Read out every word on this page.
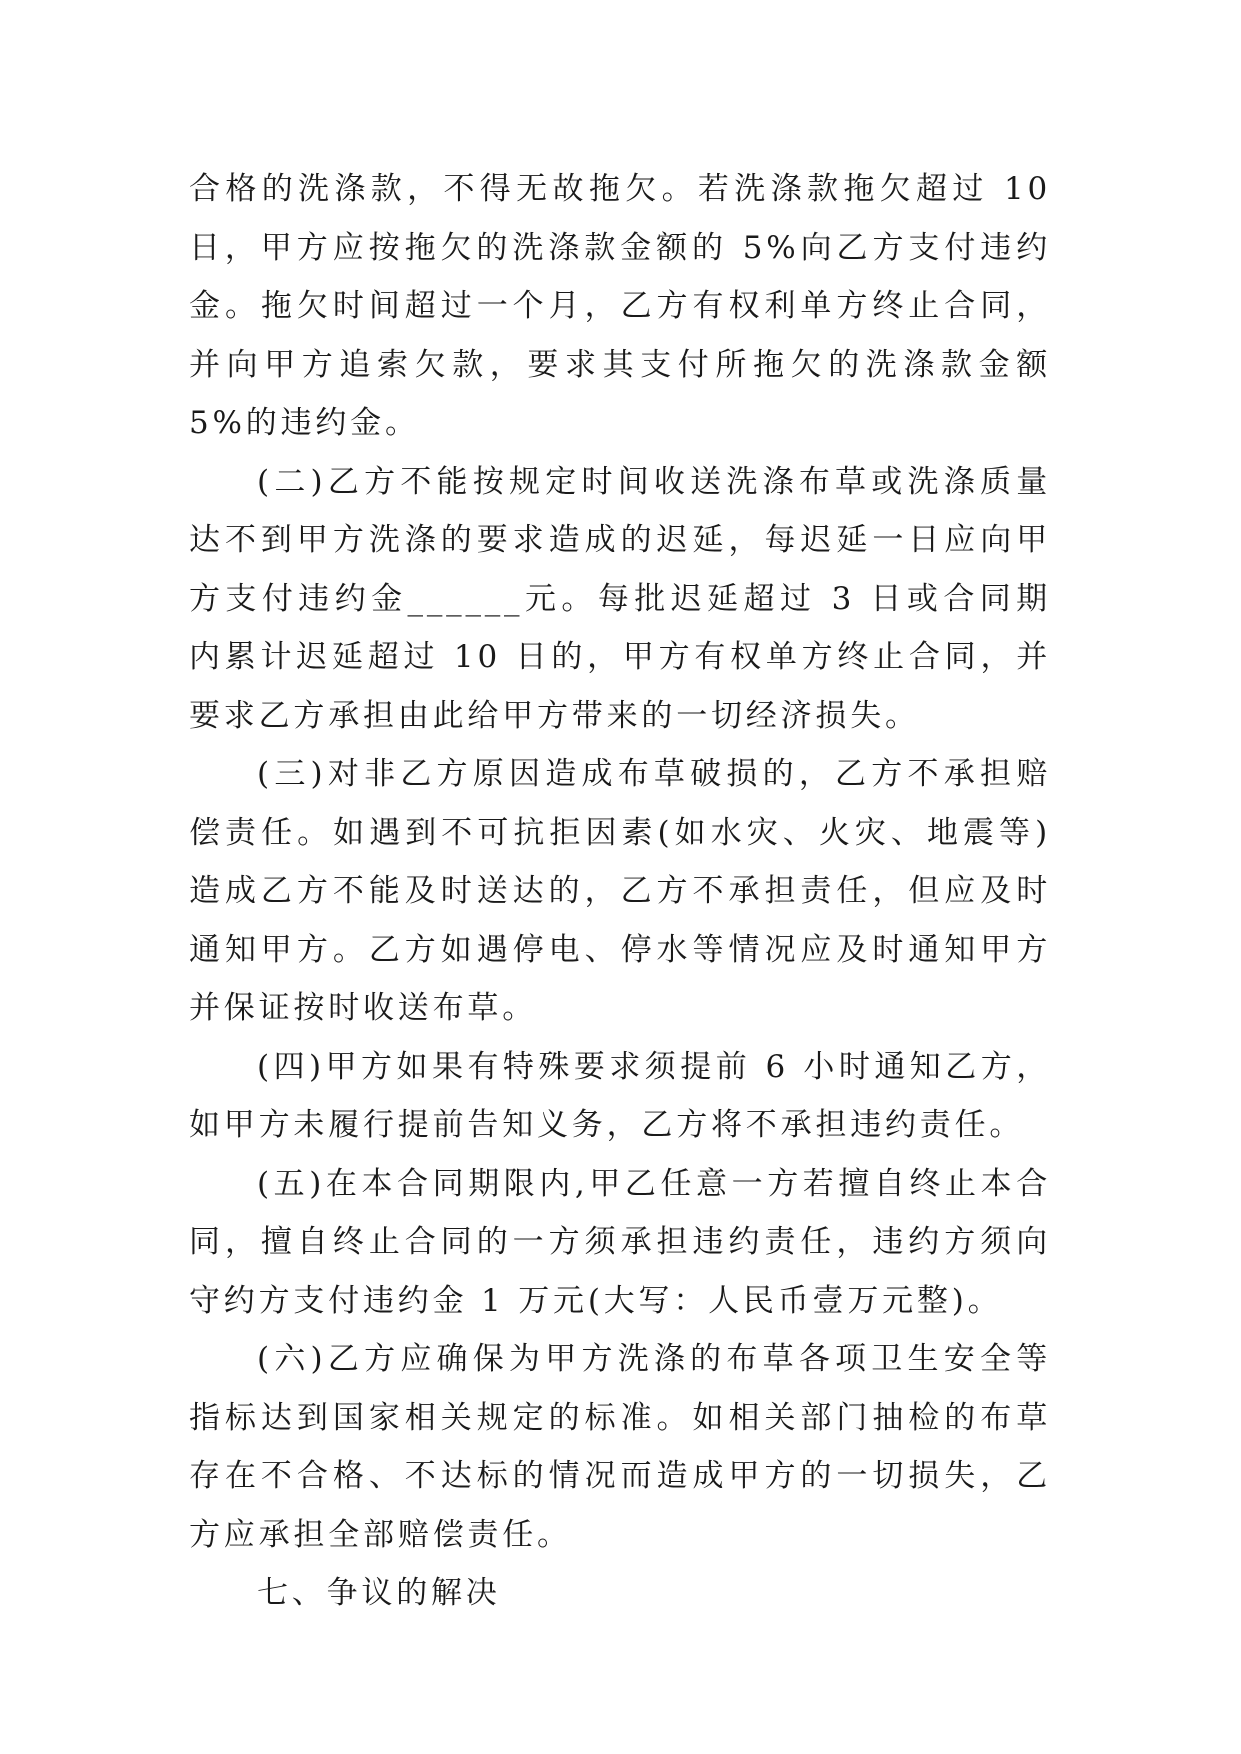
合格的洗涤款，不得无故拖欠。若洗涤款拖欠超过 10 日，甲方应按拖欠的洗涤款金额的 5%向乙方支付违约金。拖欠时间超过一个月，乙方有权利单方终止合同，并向甲方追索欠款，要求其支付所拖欠的洗涤款金额 5%的违约金。

(二)乙方不能按规定时间收送洗涤布草或洗涤质量达不到甲方洗涤的要求造成的迟延，每迟延一日应向甲方支付违约金______元。每批迟延超过 3 日或合同期内累计迟延超过 10 日的，甲方有权单方终止合同，并要求乙方承担由此给甲方带来的一切经济损失。

(三)对非乙方原因造成布草破损的，乙方不承担赔偿责任。如遇到不可抗拒因素(如水灾、火灾、地震等)造成乙方不能及时送达的，乙方不承担责任，但应及时通知甲方。乙方如遇停电、停水等情况应及时通知甲方并保证按时收送布草。

(四)甲方如果有特殊要求须提前 6 小时通知乙方，如甲方未履行提前告知义务，乙方将不承担违约责任。

(五)在本合同期限内,甲乙任意一方若擅自终止本合同，擅自终止合同的一方须承担违约责任，违约方须向守约方支付违约金 1 万元(大写：人民币壹万元整)。

(六)乙方应确保为甲方洗涤的布草各项卫生安全等指标达到国家相关规定的标准。如相关部门抽检的布草存在不合格、不达标的情况而造成甲方的一切损失，乙方应承担全部赔偿责任。

七、争议的解决
